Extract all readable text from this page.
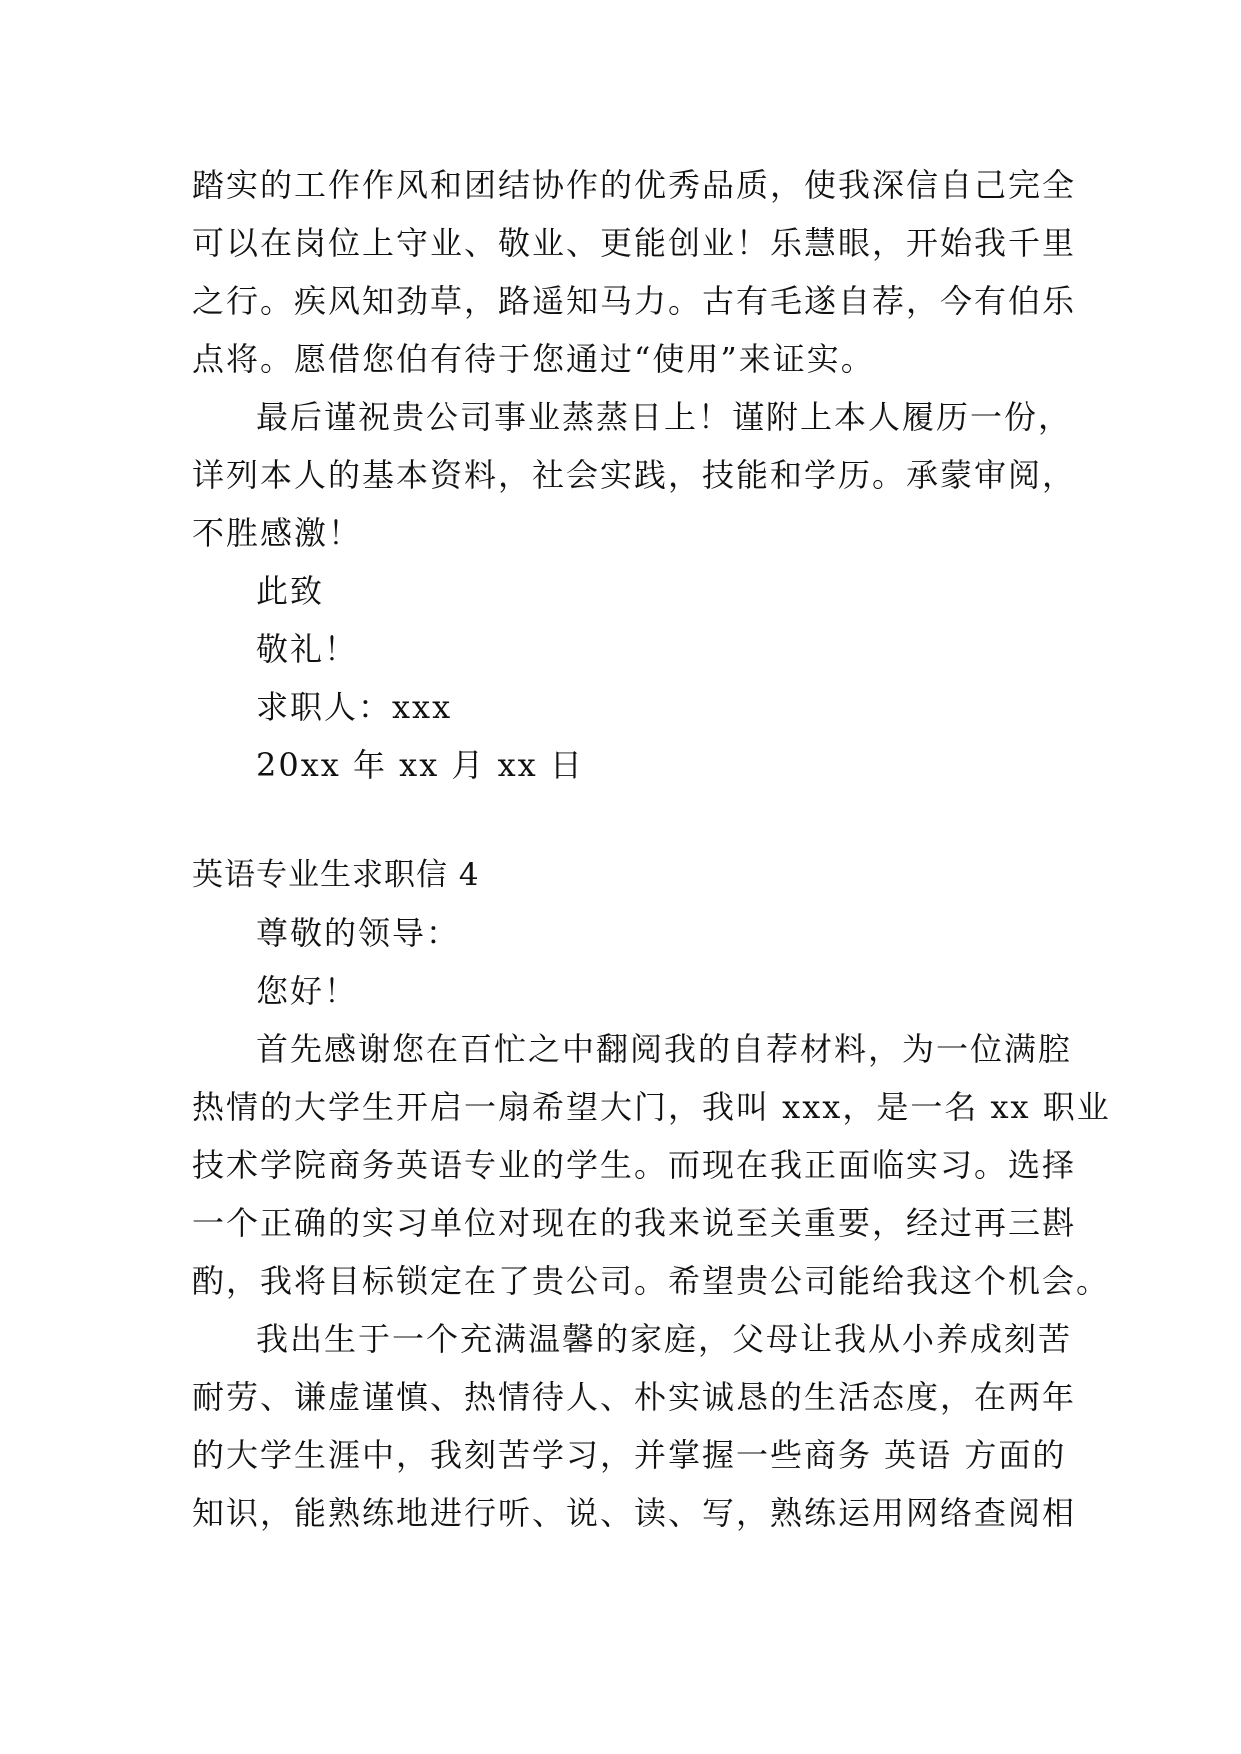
踏实的工作作风和团结协作的优秀品质，使我深信自己完全
可以在岗位上守业、敬业、更能创业！乐慧眼，开始我千里
之行。疾风知劲草，路遥知马力。古有毛遂自荐，今有伯乐
点将。愿借您伯有待于您通过“使用”来证实。
最后谨祝贵公司事业蒸蒸日上！谨附上本人履历一份，
详列本人的基本资料，社会实践，技能和学历。承蒙审阅，
不胜感激！
此致
敬礼！
求职人：xxx
20xx 年 xx 月 xx 日
英语专业生求职信 4
尊敬的领导：
您好！
首先感谢您在百忙之中翻阅我的自荐材料，为一位满腔
热情的大学生开启一扇希望大门，我叫 xxx，是一名 xx 职业
技术学院商务英语专业的学生。而现在我正面临实习。选择
一个正确的实习单位对现在的我来说至关重要，经过再三斟
酌，我将目标锁定在了贵公司。希望贵公司能给我这个机会。
我出生于一个充满温馨的家庭，父母让我从小养成刻苦
耐劳、谦虚谨慎、热情待人、朴实诚恳的生活态度，在两年
的大学生涯中，我刻苦学习，并掌握一些商务 英语 方面的
知识，能熟练地进行听、说、读、写，熟练运用网络查阅相
